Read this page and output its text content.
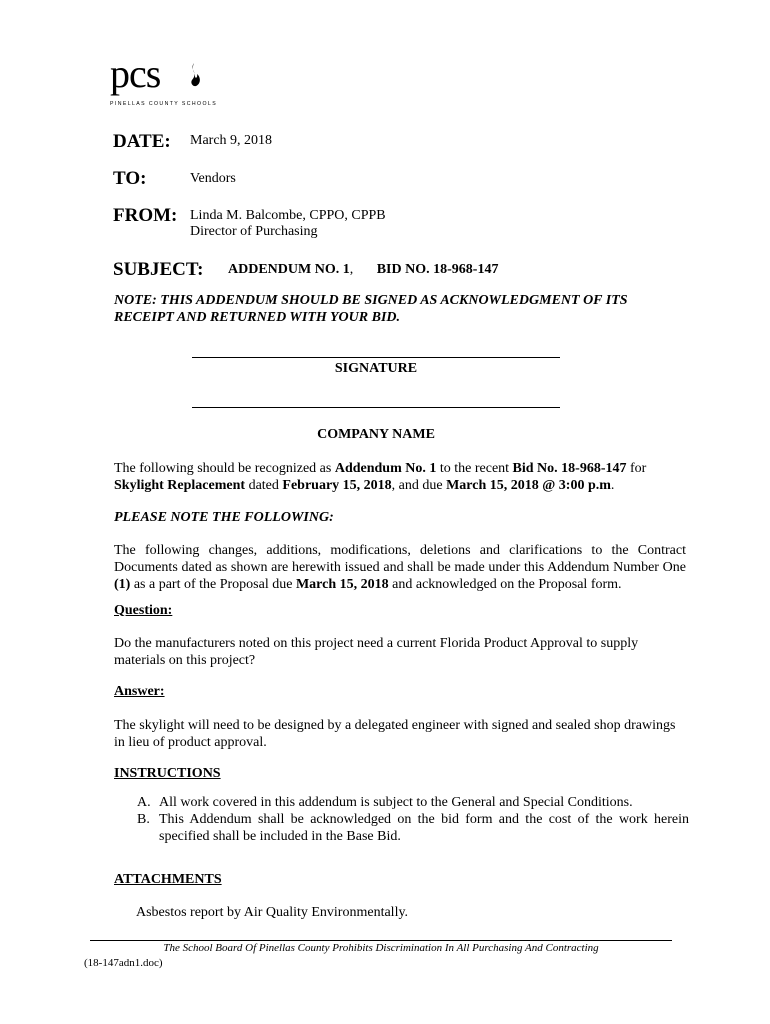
pcs
PINELLAS COUNTY SCHOOLS
DATE: March 9, 2018
TO:	Vendors
FROM: Linda M. Balcombe, CPPO, CPPB
Director of Purchasing
SUBJECT: ADDENDUM NO. 1, BID NO. 18-968-147
NOTE: THIS ADDENDUM SHOULD BE SIGNED AS ACKNOWLEDGMENT OF ITS RECEIPT AND RETURNED WITH YOUR BID.
SIGNATURE
COMPANY NAME
The following should be recognized as Addendum No. 1 to the recent Bid No. 18-968-147 for
Skylight Replacement dated February 15, 2018, and due March 15, 2018 @ 3:00 p.m.
PLEASE NOTE THE FOLLOWING:
The following changes, additions, modifications, deletions and clarifications to the Contract Documents dated as shown are herewith issued and shall be made under this Addendum Number One (1) as a part of the Proposal due March 15, 2018 and acknowledged on the Proposal form.
Question:
Do the manufacturers noted on this project need a current Florida Product Approval to supply materials on this project?
Answer:
The skylight will need to be designed by a delegated engineer with signed and sealed shop drawings in lieu of product approval.
INSTRUCTIONS
A. All work covered in this addendum is subject to the General and Special Conditions.
B. This Addendum shall be acknowledged on the bid form and the cost of the work herein specified shall be included in the Base Bid.
ATTACHMENTS
Asbestos report by Air Quality Environmentally.
The School Board Of Pinellas County Prohibits Discrimination In All Purchasing And Contracting
(18-147adn1.doc)
